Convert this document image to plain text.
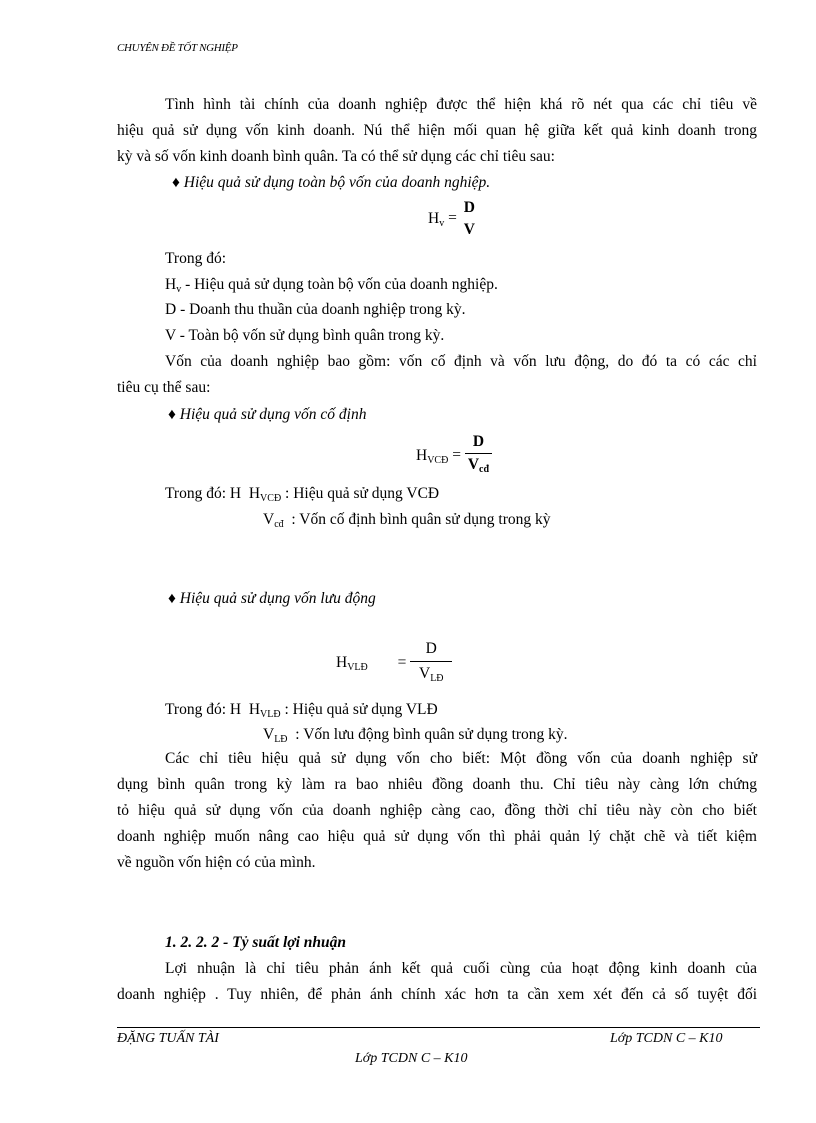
CHUYÊN ĐỀ TỐT NGHIỆP
Tình hình tài chính của doanh nghiệp được thể hiện khá rõ nét qua các chỉ tiêu về
hiệu quả sử dụng vốn kinh doanh. Nú thể hiện mối quan hệ giữa kết quả kinh doanh trong
kỳ và số vốn kinh doanh bình quân. Ta có thể sử dụng các chỉ tiêu sau:
♦ Hiệu quả sử dụng toàn bộ vốn của doanh nghiệp.
$H_v$ =
D
V
Trong đó:
$H_v$ - Hiệu quả sử dụng toàn bộ vốn của doanh nghiệp.
D - Doanh thu thuần của doanh nghiệp trong kỳ.
V - Toàn bộ vốn sử dụng bình quân trong kỳ.
Vốn của doanh nghiệp bao gồm: vốn cố định và vốn lưu động, do đó ta có các chỉ
tiêu cụ thể sau:
♦ Hiệu quả sử dụng vốn cố định
$H_{VCĐ} = \frac{D}{V_{cđ}}$
Trong đó: H $H_{VCĐ}$ : Hiệu quả sử dụng VCĐ
$V_{cđ}$ : Vốn cố định bình quân sử dụng trong kỳ
♦ Hiệu quả sử dụng vốn lưu động
$H_{VLĐ} = \frac{D}{V_{LĐ}}$
Trong đó: H $H_{VLĐ}$ : Hiệu quả sử dụng VLĐ
$V_{LĐ}$ : Vốn lưu động bình quân sử dụng trong kỳ.
Các chỉ tiêu hiệu quả sử dụng vốn cho biết: Một đồng vốn của doanh nghiệp sử
dụng bình quân trong kỳ làm ra bao nhiêu đồng doanh thu. Chỉ tiêu này càng lớn chứng
tỏ hiệu quả sử dụng vốn của doanh nghiệp càng cao, đồng thời chỉ tiêu này còn cho biết
doanh nghiệp muốn nâng cao hiệu quả sử dụng vốn thì phải quản lý chặt chẽ và tiết kiệm
về nguồn vốn hiện có của mình.
1. 2. 2. 2 - Tỷ suất lợi nhuận
Lợi nhuận là chỉ tiêu phản ánh kết quả cuối cùng của hoạt động kinh doanh của
doanh nghiệp . Tuy nhiên, để phản ánh chính xác hơn ta cần xem xét đến cả số tuyệt đối
ĐẶNG TUẤN TÀI	Lớp TCDN C – K10
Lớp TCDN C – K10
